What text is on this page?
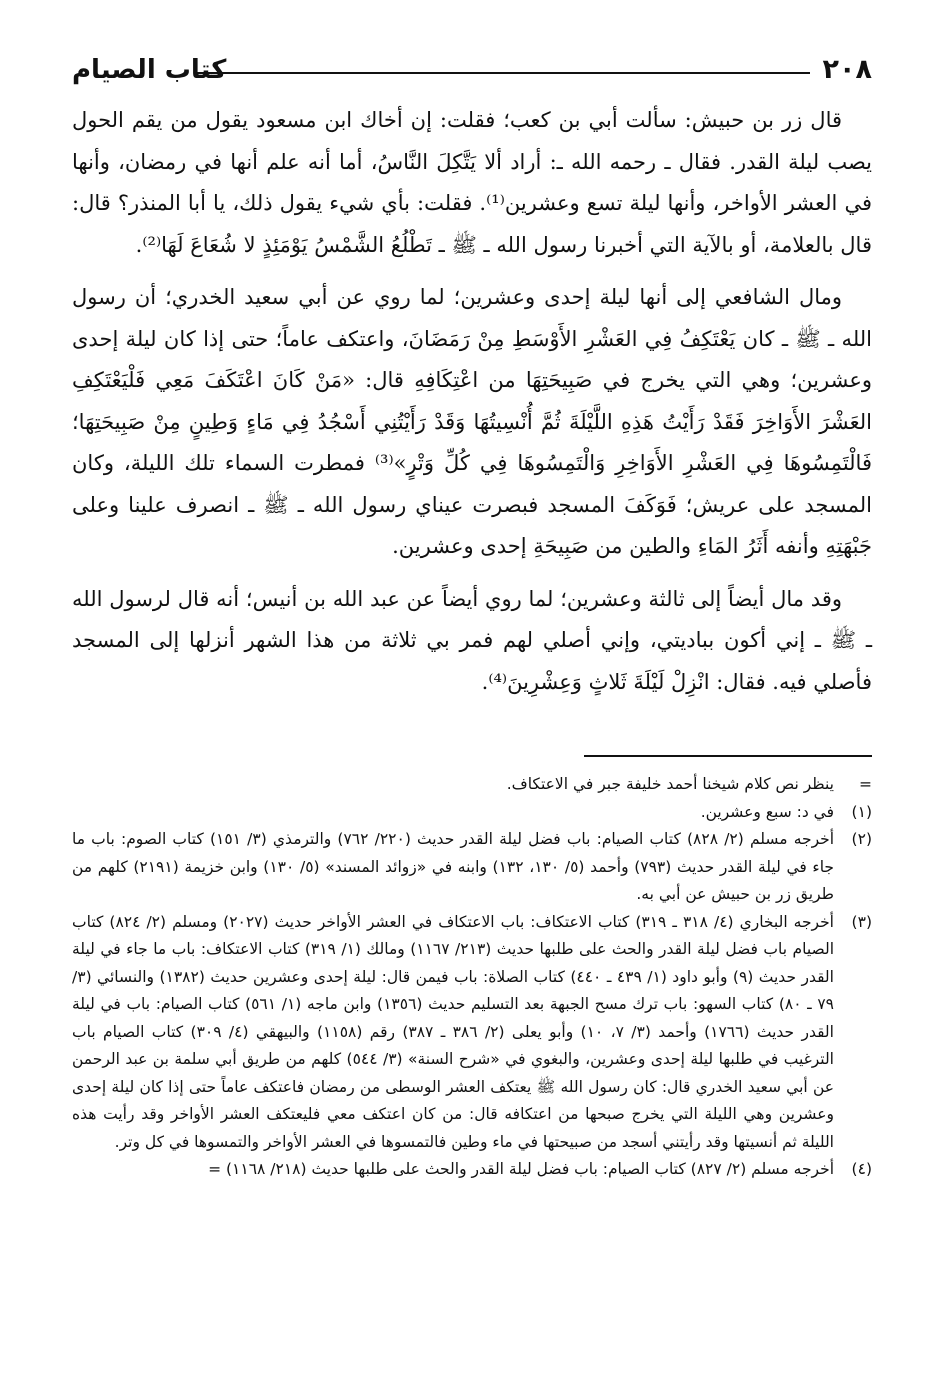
٢٠٨
كتاب الصيام

قال زر بن حبيش: سألت أبي بن كعب؛ فقلت: إن أخاك ابن مسعود يقول من يقم الحول يصب ليلة القدر. فقال ـ رحمه الله ـ: أراد ألا يَتَّكِلَ النَّاسُ، أما أنه علم أنها في رمضان، وأنها في العشر الأواخر، وأنها ليلة تسع وعشرين⁽¹⁾. فقلت: بأي شيء يقول ذلك، يا أبا المنذر؟ قال: قال بالعلامة، أو بالآية التي أخبرنا رسول الله ـ ﷺ ـ تَطْلُعُ الشَّمْسُ يَوْمَئِذٍ لا شُعَاعَ لَهَا⁽²⁾.

ومال الشافعي إلى أنها ليلة إحدى وعشرين؛ لما روي عن أبي سعيد الخدري؛ أن رسول الله ـ ﷺ ـ كان يَعْتَكِفُ فِي العَشْرِ الأَوْسَطِ مِنْ رَمَضَانَ، واعتكف عاماً؛ حتى إذا كان ليلة إحدى وعشرين؛ وهي التي يخرج في صَبِيحَتِهَا من اعْتِكَافِهِ قال: «مَنْ كَانَ اعْتَكَفَ مَعِي فَلْيَعْتَكِفِ العَشْرَ الأَوَاخِرَ فَقَدْ رَأَيْتُ هَذِهِ اللَّيْلَةَ ثُمَّ أُنْسِيتُهَا وَقَدْ رَأَيْتُنِي أَسْجُدُ فِي مَاءٍ وَطِينٍ مِنْ صَبِيحَتِهَا؛ فَالْتَمِسُوهَا فِي العَشْرِ الأَوَاخِرِ وَالْتَمِسُوهَا فِي كُلِّ وَتْرٍ»⁽³⁾ فمطرت السماء تلك الليلة، وكان المسجد على عريش؛ فَوَكَفَ المسجد فبصرت عيناي رسول الله ـ ﷺ ـ انصرف علينا وعلى جَبْهَتِهِ وأنفه أَثَرُ المَاءِ والطين من صَبِيحَةِ إحدى وعشرين.

وقد مال أيضاً إلى ثالثة وعشرين؛ لما روي أيضاً عن عبد الله بن أنيس؛ أنه قال لرسول الله ـ ﷺ ـ إني أكون ببادیتي، وإني أصلي لهم فمر بي ثلاثة من هذا الشهر أنزلها إلى المسجد فأصلي فيه. فقال: انْزِلْ لَيْلَةَ ثَلاثٍ وَعِشْرِينَ⁽⁴⁾.

=
ينظر نص كلام شيخنا أحمد خليفة جبر في الاعتكاف.

(١)
في د: سبع وعشرين.

(٢)
أخرجه مسلم (٢/ ٨٢٨) كتاب الصيام: باب فضل ليلة القدر حديث (٢٢٠/ ٧٦٢) والترمذي (٣/ ١٥١) كتاب الصوم: باب ما جاء في ليلة القدر حديث (٧٩٣) وأحمد (٥/ ١٣٠، ١٣٢) وابنه في «زوائد المسند» (٥/ ١٣٠) وابن خزيمة (٢١٩١) كلهم من طريق زر بن حبيش عن أبي به.

(٣)
أخرجه البخاري (٤/ ٣١٨ ـ ٣١٩) كتاب الاعتكاف: باب الاعتكاف في العشر الأواخر حديث (٢٠٢٧) ومسلم (٢/ ٨٢٤) كتاب الصيام باب فضل ليلة القدر والحث على طلبها حديث (٢١٣/ ١١٦٧) ومالك (١/ ٣١٩) كتاب الاعتكاف: باب ما جاء في ليلة القدر حديث (٩) وأبو داود (١/ ٤٣٩ ـ ٤٤٠) كتاب الصلاة: باب فيمن قال: ليلة إحدى وعشرين حديث (١٣٨٢) والنسائي (٣/ ٧٩ ـ ٨٠) كتاب السهو: باب ترك مسح الجبهة بعد التسليم حديث (١٣٥٦) وابن ماجه (١/ ٥٦١) كتاب الصيام: باب في ليلة القدر حديث (١٧٦٦) وأحمد (٣/ ٧، ١٠) وأبو يعلى (٢/ ٣٨٦ ـ ٣٨٧) رقم (١١٥٨) والبيهقي (٤/ ٣٠٩) كتاب الصيام باب الترغيب في طلبها ليلة إحدى وعشرين، والبغوي في «شرح السنة» (٣/ ٥٤٤) كلهم من طريق أبي سلمة بن عبد الرحمن عن أبي سعيد الخدري قال: كان رسول الله ﷺ يعتكف العشر الوسطى من رمضان فاعتكف عاماً حتى إذا كان ليلة إحدى وعشرين وهي الليلة التي يخرج صبحها من اعتكافه قال: من كان اعتكف معي فليعتكف العشر الأواخر وقد رأيت هذه الليلة ثم أنسيتها وقد رأيتني أسجد من صبيحتها في ماء وطين فالتمسوها في العشر الأواخر والتمسوها في كل وتر.

(٤)
أخرجه مسلم (٢/ ٨٢٧) كتاب الصيام: باب فضل ليلة القدر والحث على طلبها حديث (٢١٨/ ١١٦٨) =
